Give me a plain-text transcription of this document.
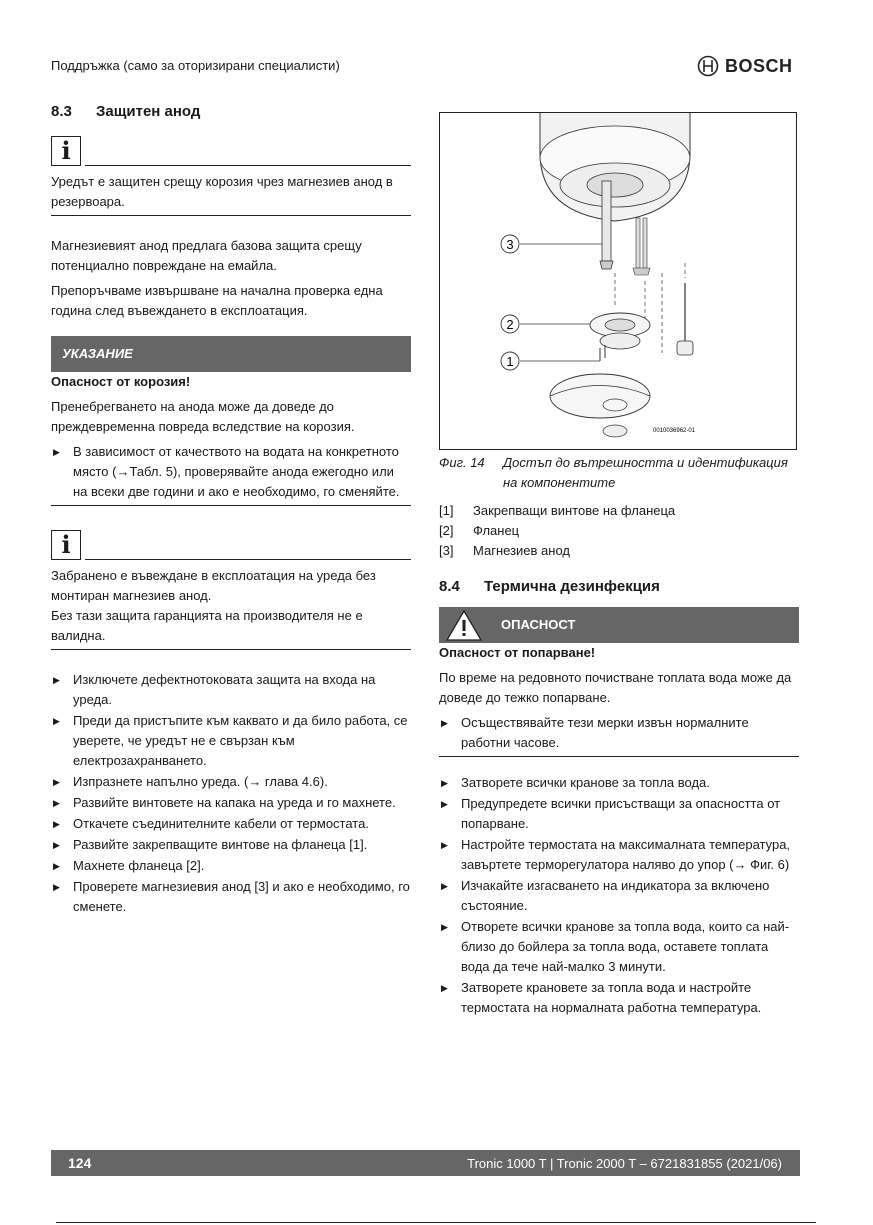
Поддръжка (само за оторизирани специалисти)	BOSCH
8.3	Защитен анод
i

Уредът е защитен срещу корозия чрез магнезиев анод в резервоара.

Магнезиевият анод предлага базова защита срещу потенциално повреждане на емайла.

Препоръчваме извършване на начална проверка една година след въвеждането в експлоатация.

УКАЗАНИЕ

Опасност от корозия!

Пренебрегването на анода може да доведе до преждевременна повреда вследствие на корозия.

▶ В зависимост от качеството на водата на конкретното място (→Табл. 5), проверявайте анода ежегодно или на всеки две години и ако е необходимо, го сменяйте.
i

Забранено е въвеждане в експлоатация на уреда без монтиран магнезиев анод.

Без тази защита гаранцията на производителя не е валидна.

▶ Изключете дефектнотоковата защита на входа на уреда.
▶ Преди да пристъпите към каквато и да било работа, се уверете, че уредът не е свързан към електрозахранването.
▶ Изпразнете напълно уреда. (→ глава 4.6).
▶ Развийте винтовете на капака на уреда и го махнете.
▶ Откачете съединителните кабели от термостата.
▶ Развийте закрепващите винтове на фланеца [1].
▶ Махнете фланеца [2].
▶ Проверете магнезиевия анод [3] и ако е необходимо, го сменете.
3
2
1
0010036962-01
Фиг. 14	Достъп до вътрешността и идентификация на компонентите
[1]	Закрепващи винтове на фланеца
[2]	Фланец
[3]	Магнезиев анод
8.4	Термична дезинфекция
ОПАСНОСТ

Опасност от попарване!

По време на редовното почистване топлата вода може да доведе до тежко попарване.

▶ Осъществявайте тези мерки извън нормалните работни часове.
▶ Затворете всички кранове за топла вода.
▶ Предупредете всички присъстващи за опасността от попарване.
▶ Настройте термостата на максималната температура, завъртете терморегулатора наляво до упор (→ Фиг. 6)
▶ Изчакайте изгасването на индикатора за включено състояние.
▶ Отворете всички кранове за топла вода, които са най-близо до бойлера за топла вода, оставете топлата вода да тече най-малко 3 минути.
▶ Затворете крановете за топла вода и настройте термостата на нормалната работна температура.
124	Tronic 1000 T | Tronic 2000 T – 6721831855 (2021/06)
